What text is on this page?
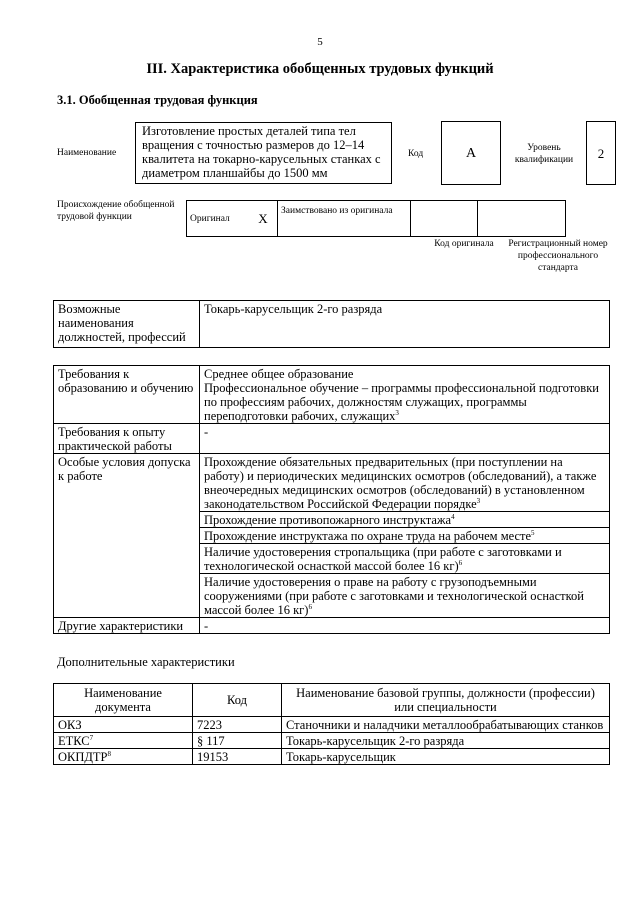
5
III. Характеристика обобщенных трудовых функций
3.1. Обобщенная трудовая функция
Наименование
Изготовление простых деталей типа тел вращения с точностью размеров до 12–14 квалитета на токарно-карусельных станках с диаметром планшайбы до 1500 мм
Код	A	Уровень квалификации	2
Происхождение обобщенной трудовой функции	Оригинал	X	Заимствовано из оригинала		
Код оригинала	Регистрационный номер профессионального стандарта
Возможные наименования должностей, профессий	Токарь-карусельщик 2-го разряда
Требования к образованию и обучению	Среднее общее образование
Профессиональное обучение – программы профессиональной подготовки по профессиям рабочих, должностям служащих, программы переподготовки рабочих, служащих$^3$

Требования к опыту практической работы	-
Особые условия допуска к работе	Прохождение обязательных предварительных (при поступлении на работу) и периодических медицинских осмотров (обследований), а также внеочередных медицинских осмотров (обследований) в установленном законодательством Российской Федерации порядке$^3$
	Прохождение противопожарного инструктажа$^4$
	Прохождение инструктажа по охране труда на рабочем месте$^5$
	Наличие удостоверения стропальщика (при работе с заготовками и технологической оснасткой массой более 16 кг)$^6$
	Наличие удостоверения о праве на работу с грузоподъемными сооружениями (при работе с заготовками и технологической оснасткой массой более 16 кг)$^6$
Другие характеристики	-
Дополнительные характеристики
Наименование документа	Код	Наименование базовой группы, должности (профессии) или специальности
ОКЗ	7223	Станочники и наладчики металлообрабатывающих станков
ЕТКС$^7$	§ 117	Токарь-карусельщик 2-го разряда
ОКПДТР$^8$	19153	Токарь-карусельщик
